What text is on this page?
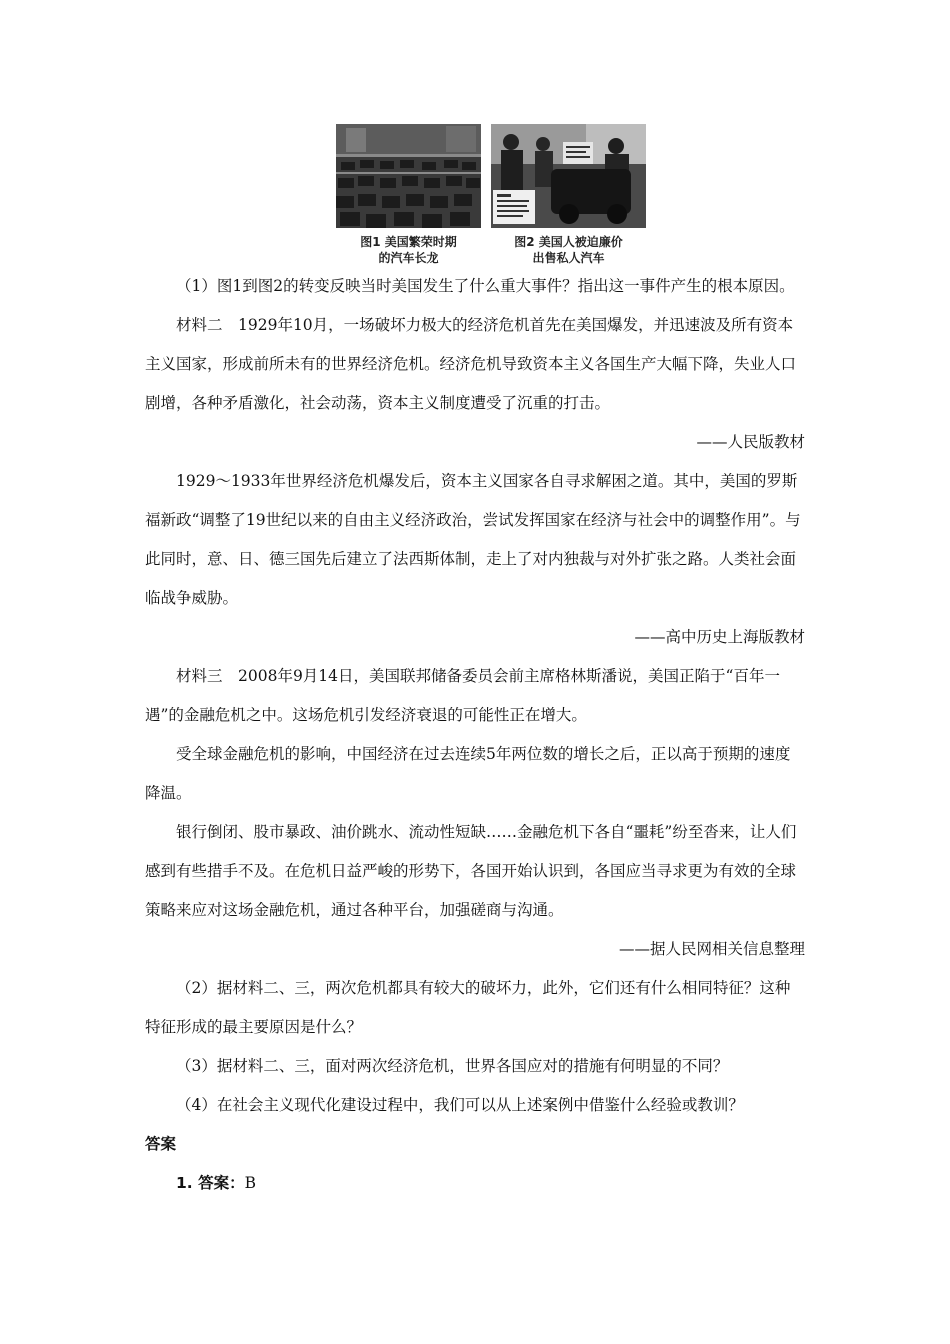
图1 美国繁荣时期
的汽车长龙
图2 美国人被迫廉价
出售私人汽车

（1）图1到图2的转变反映当时美国发生了什么重大事件？指出这一事件产生的根本原因。

材料二　1929年10月，一场破坏力极大的经济危机首先在美国爆发，并迅速波及所有资本主义国家，形成前所未有的世界经济危机。经济危机导致资本主义各国生产大幅下降，失业人口剧增，各种矛盾激化，社会动荡，资本主义制度遭受了沉重的打击。

——人民版教材

1929～1933年世界经济危机爆发后，资本主义国家各自寻求解困之道。其中，美国的罗斯福新政“调整了19世纪以来的自由主义经济政治，尝试发挥国家在经济与社会中的调整作用”。与此同时，意、日、德三国先后建立了法西斯体制，走上了对内独裁与对外扩张之路。人类社会面临战争威胁。

——高中历史上海版教材

材料三　2008年9月14日，美国联邦储备委员会前主席格林斯潘说，美国正陷于“百年一遇”的金融危机之中。这场危机引发经济衰退的可能性正在增大。

受全球金融危机的影响，中国经济在过去连续5年两位数的增长之后，正以高于预期的速度降温。

银行倒闭、股市暴政、油价跳水、流动性短缺……金融危机下各自“噩耗”纷至沓来，让人们感到有些措手不及。在危机日益严峻的形势下，各国开始认识到，各国应当寻求更为有效的全球策略来应对这场金融危机，通过各种平台，加强磋商与沟通。

——据人民网相关信息整理

（2）据材料二、三，两次危机都具有较大的破坏力，此外，它们还有什么相同特征？这种特征形成的最主要原因是什么？

（3）据材料二、三，面对两次经济危机，世界各国应对的措施有何明显的不同？

（4）在社会主义现代化建设过程中，我们可以从上述案例中借鉴什么经验或教训？

答案

1. 答案：B
